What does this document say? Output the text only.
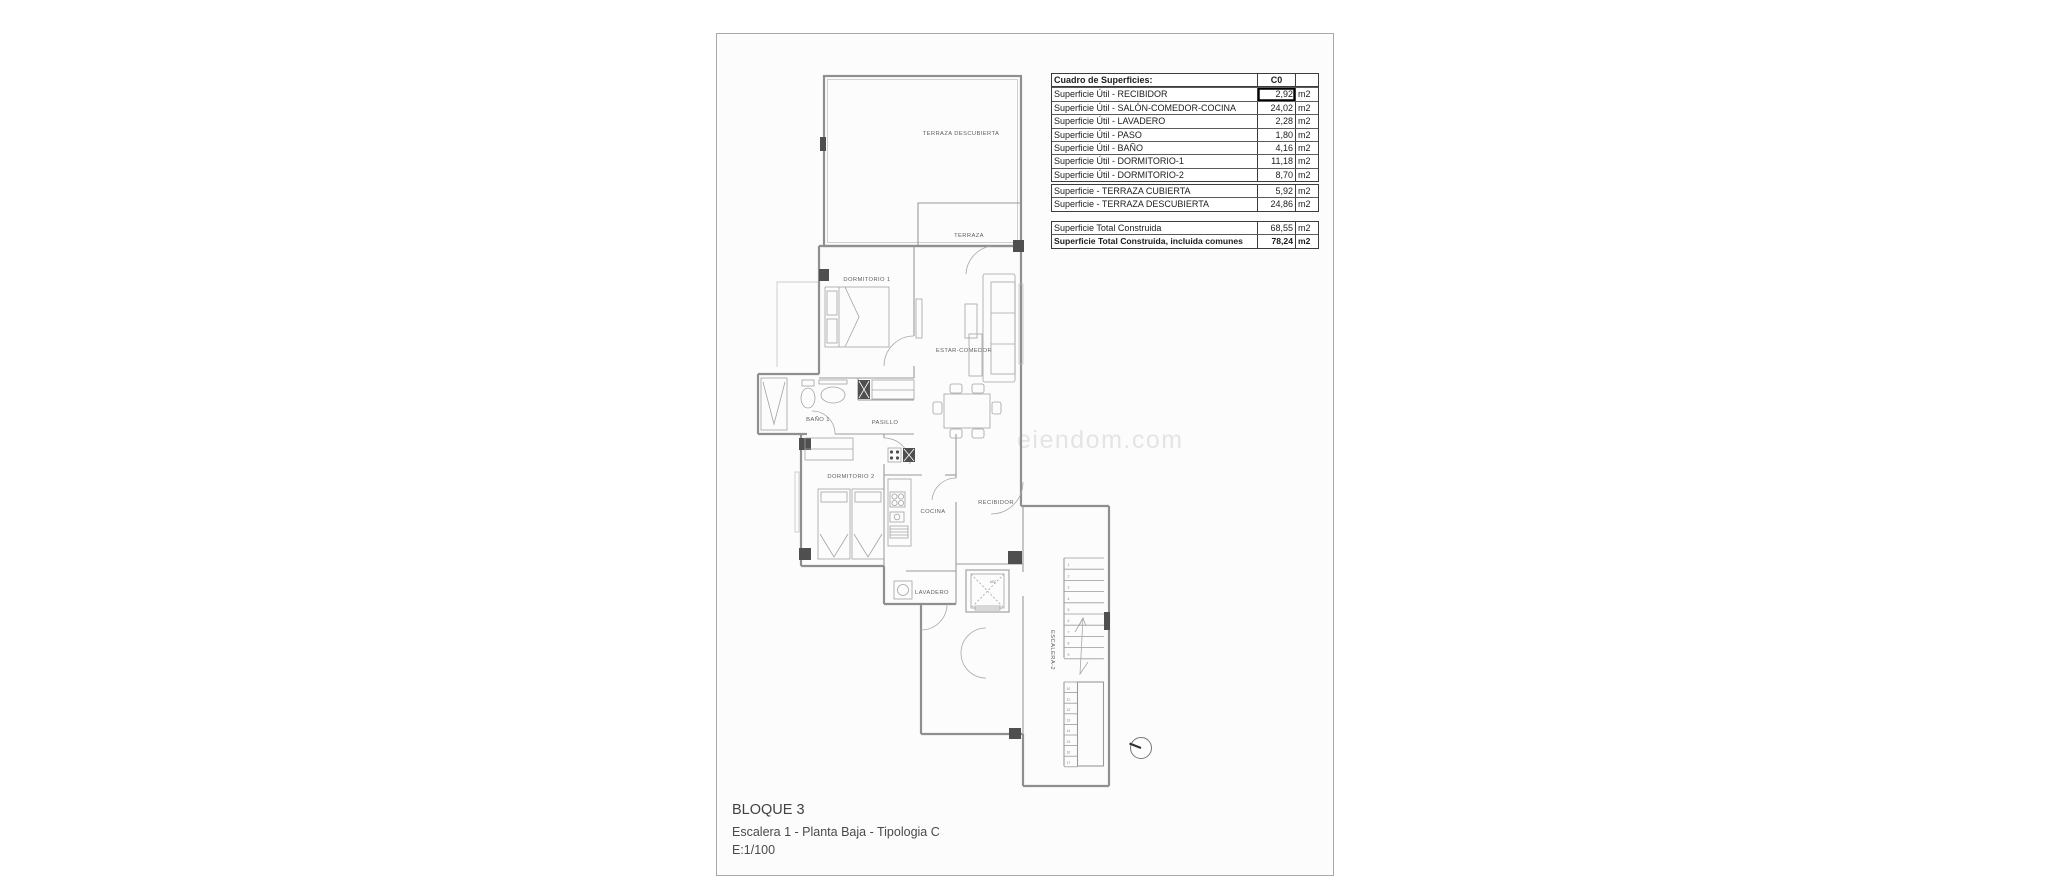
eiendom.com
TERRAZA DESCUBIERTA
TERRAZA
DORMITORIO 1
ESTAR-COMEDOR
BAÑO 1	PASILLO
DORMITORIO 2
COCINA
RECIBIDOR
LAVADERO
ASC
ESCALERA-2
1
2
3
4
5
6
7
8
9
10
11
12
13
14
15
16
17
Cuadro de Superficies:	C0
Superficie Útil - RECIBIDOR	2,92 m2
Superficie Útil - SALÓN-COMEDOR-COCINA	24,02 m2
Superficie Útil - LAVADERO	2,28 m2
Superficie Útil - PASO	1,80 m2
Superficie Útil - BAÑO	4,16 m2
Superficie Útil - DORMITORIO-1	11,18 m2
Superficie Útil - DORMITORIO-2	8,70 m2
Superficie - TERRAZA CUBIERTA	5,92 m2
Superficie - TERRAZA DESCUBIERTA	24,86 m2
Superficie Total Construida	68,55 m2
Superficie Total Construida, incluida comunes	78,24 m2
BLOQUE 3
Escalera 1 - Planta Baja - Tipologia C
E:1/100
